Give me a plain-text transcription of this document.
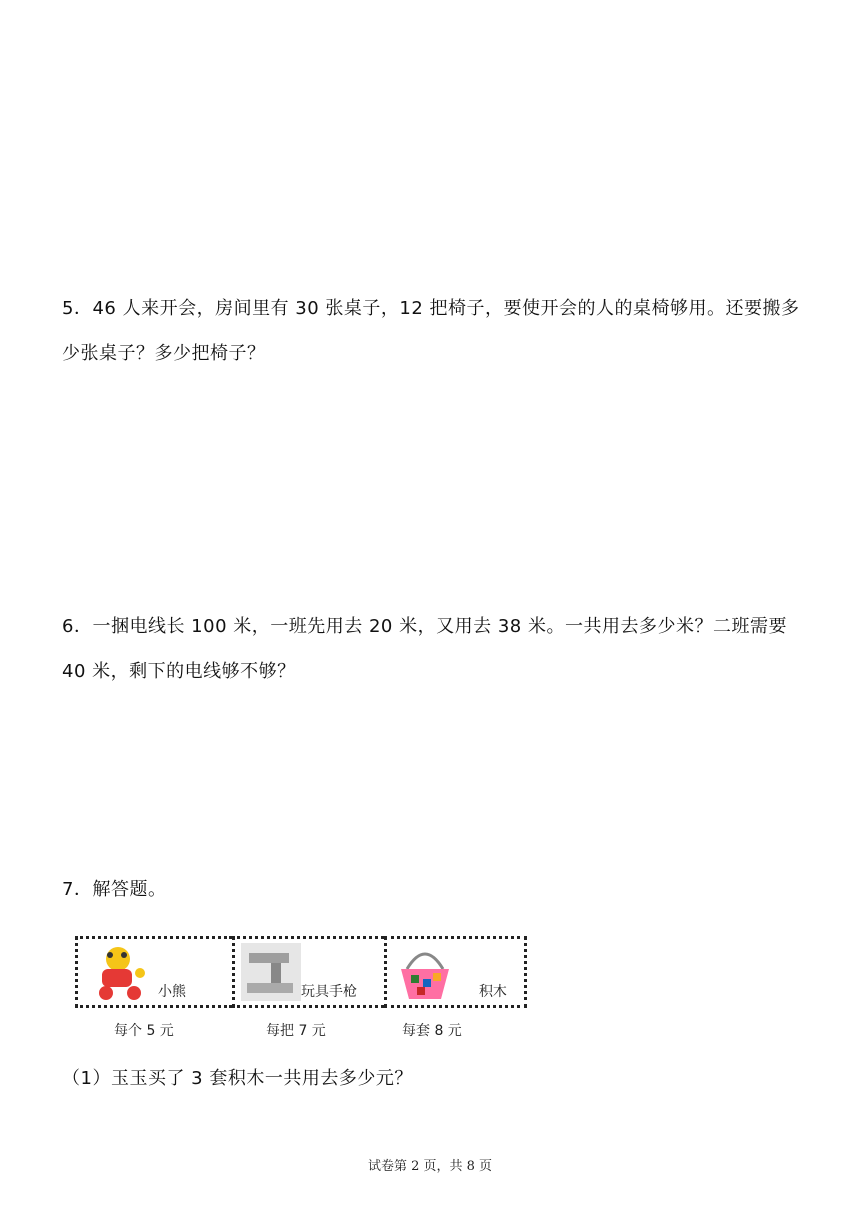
5．46 人来开会，房间里有 30 张桌子，12 把椅子，要使开会的人的桌椅够用。还要搬多少张桌子？多少把椅子？
6．一捆电线长 100 米，一班先用去 20 米，又用去 38 米。一共用去多少米？二班需要 40 米，剩下的电线够不够？
7．解答题。
小熊	玩具手枪	积木
每个 5 元	每把 7 元	每套 8 元
（1）玉玉买了 3 套积木一共用去多少元？
试卷第 2 页，共 8 页
